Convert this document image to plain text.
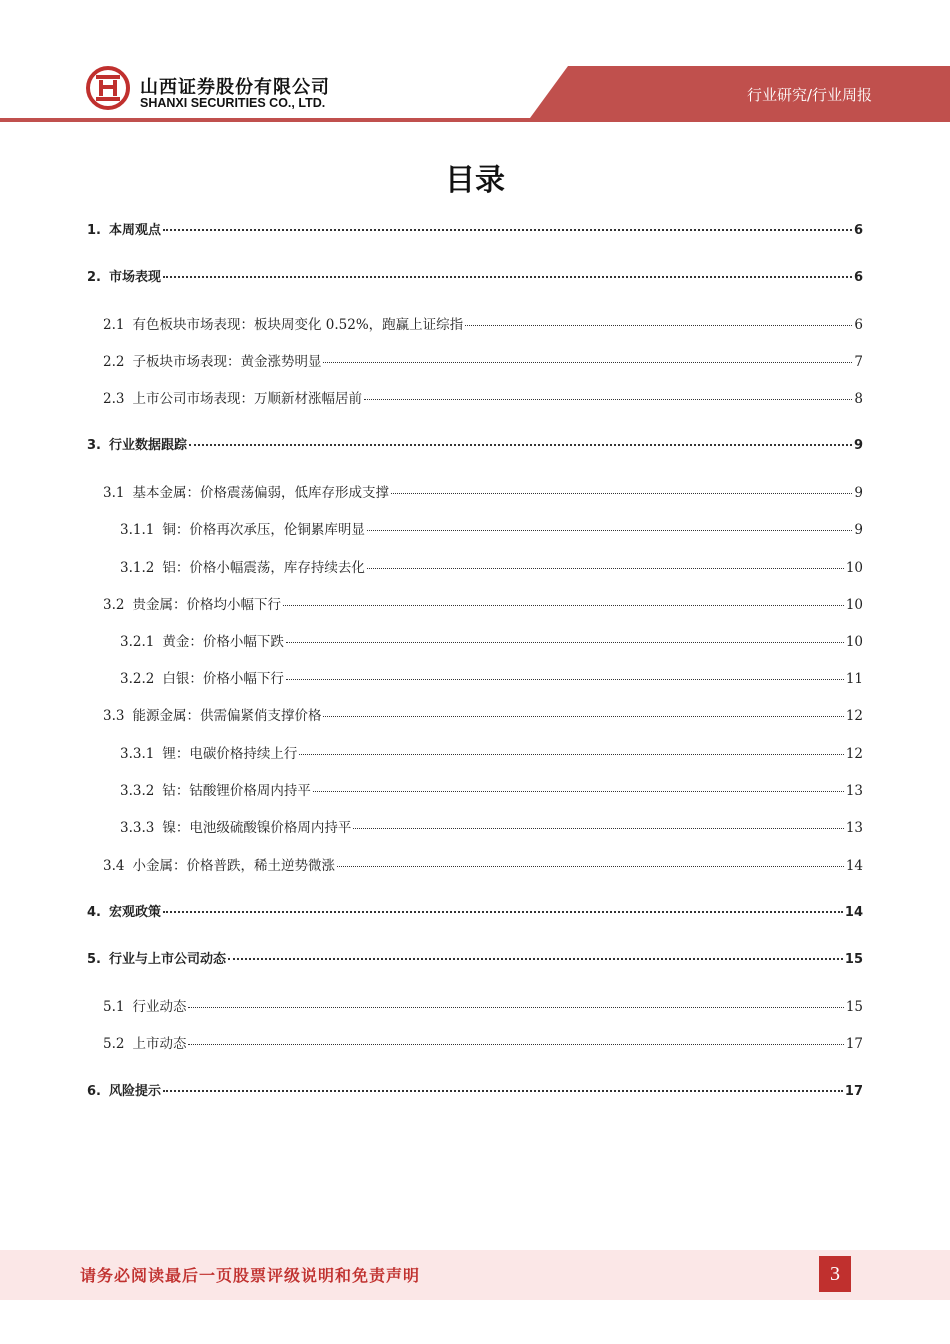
山西证券股份有限公司
SHANXI SECURITIES CO., LTD.	行业研究/行业周报
目录
1. 本周观点	6
2. 市场表现	6
2.1 有色板块市场表现：板块周变化 0.52%，跑赢上证综指	6
2.2 子板块市场表现：黄金涨势明显	7
2.3 上市公司市场表现：万顺新材涨幅居前	8
3. 行业数据跟踪	9
3.1 基本金属：价格震荡偏弱，低库存形成支撑	9
3.1.1 铜：价格再次承压，伦铜累库明显	9
3.1.2 铝：价格小幅震荡，库存持续去化	10
3.2 贵金属：价格均小幅下行	10
3.2.1 黄金：价格小幅下跌	10
3.2.2 白银：价格小幅下行	11
3.3 能源金属：供需偏紧俏支撑价格	12
3.3.1 锂：电碳价格持续上行	12
3.3.2 钴：钴酸锂价格周内持平	13
3.3.3 镍：电池级硫酸镍价格周内持平	13
3.4 小金属：价格普跌，稀土逆势微涨	14
4. 宏观政策	14
5. 行业与上市公司动态	15
5.1 行业动态	15
5.2 上市动态	17
6. 风险提示	17
请务必阅读最后一页股票评级说明和免责声明	3
